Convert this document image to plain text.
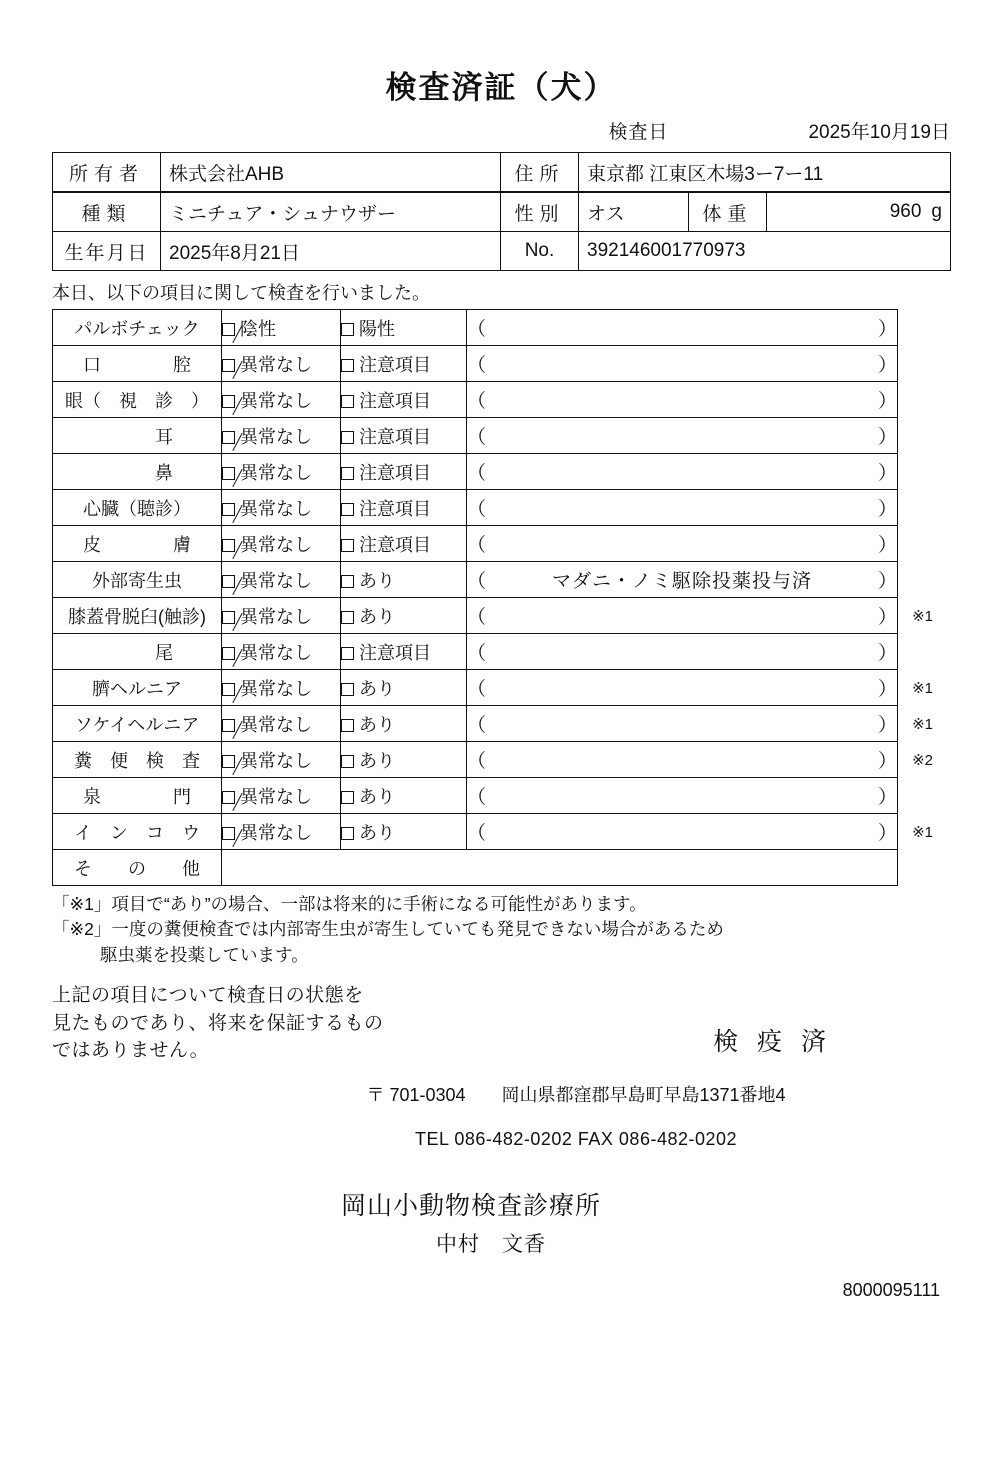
検査済証（犬）
検査日	2025年10月19日
所有者	株式会社AHB	住所	東京都 江東区木場3ー7ー11
種類	ミニチュア・シュナウザー	性別	オス	体重	960 g

生年月日	2025年8月21日	No.	392146001770973		
本日、以下の項目に関して検査を行いました。
パルボチェック	陰性	陽性	（ ）

口　　　　腔	異常なし	注意項目	（ ）

眼（　視　診　）	異常なし	注意項目	（ ）

　　　耳　　　	異常なし	注意項目	（ ）

　　　鼻　　　	異常なし	注意項目	（ ）

心臓（聴診）	異常なし	注意項目	（ ）

皮　　　　膚	異常なし	注意項目	（ ）

外部寄生虫	異常なし	あり	（ マダニ・ノミ駆除投薬投与済 ）

膝蓋骨脱臼(触診)	異常なし	あり	（ ） ※1

　　　尾　　　	異常なし	注意項目	（ ）

臍ヘルニア	異常なし	あり	（ ） ※1

ソケイヘルニア	異常なし	あり	（ ） ※1

糞　便　検　査	異常なし	あり	（ ） ※2

泉　　　　門	異常なし	あり	（ ）

イ　ン　コ　ウ	異常なし	あり	（ ） ※1

そ　　の　　他			
「※1」項目で“あり”の場合、一部は将来的に手術になる可能性があります。
「※2」一度の糞便検査では内部寄生虫が寄生していても発見できない場合があるため
駆虫薬を投薬しています。
上記の項目について検査日の状態を
見たものであり、将来を保証するもの
ではありません。	検 疫 済
〒 701-0304　　岡山県都窪郡早島町早島1371番地4
TEL 086-482-0202 FAX 086-482-0202
岡山小動物検査診療所
中村　文香
8000095111
